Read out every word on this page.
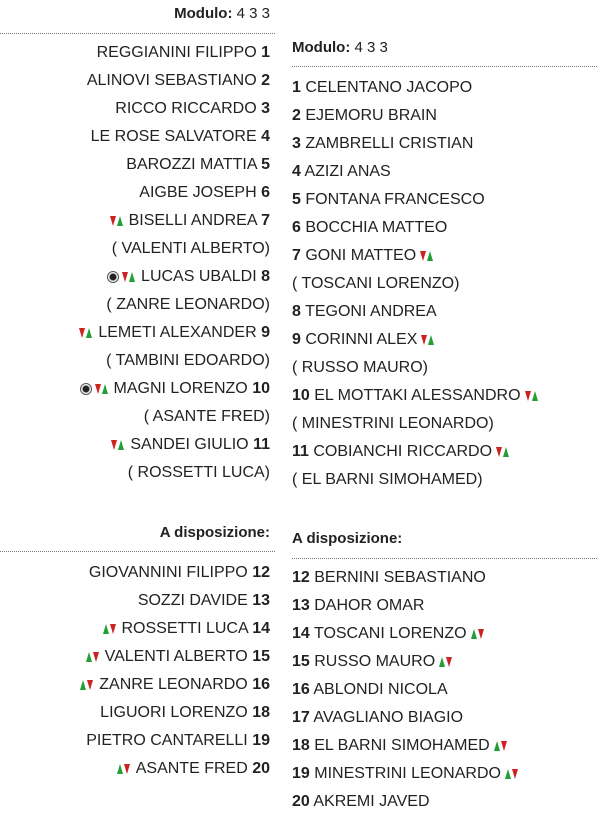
Modulo: 4 3 3
REGGIANINI FILIPPO 1
ALINOVI SEBASTIANO 2
RICCO RICCARDO 3
LE ROSE SALVATORE 4
BAROZZI MATTIA 5
AIGBE JOSEPH 6
BISELLI ANDREA 7
( VALENTI ALBERTO)
LUCAS UBALDI 8
( ZANRE LEONARDO)
LEMETI ALEXANDER 9
( TAMBINI EDOARDO)
MAGNI LORENZO 10
( ASANTE FRED)
SANDEI GIULIO 11
( ROSSETTI LUCA)
A disposizione:
GIOVANNINI FILIPPO 12
SOZZI DAVIDE 13
ROSSETTI LUCA 14
VALENTI ALBERTO 15
ZANRE LEONARDO 16
LIGUORI LORENZO 18
PIETRO CANTARELLI 19
ASANTE FRED 20
Modulo: 4 3 3
1 CELENTANO JACOPO
2 EJEMORU BRAIN
3 ZAMBRELLI CRISTIAN
4 AZIZI ANAS
5 FONTANA FRANCESCO
6 BOCCHIA MATTEO
7 GONI MATTEO
( TOSCANI LORENZO)
8 TEGONI ANDREA
9 CORINNI ALEX
( RUSSO MAURO)
10 EL MOTTAKI ALESSANDRO
( MINESTRINI LEONARDO)
11 COBIANCHI RICCARDO
( EL BARNI SIMOHAMED)
A disposizione:
12 BERNINI SEBASTIANO
13 DAHOR OMAR
14 TOSCANI LORENZO
15 RUSSO MAURO
16 ABLONDI NICOLA
17 AVAGLIANO BIAGIO
18 EL BARNI SIMOHAMED
19 MINESTRINI LEONARDO
20 AKREMI JAVED
